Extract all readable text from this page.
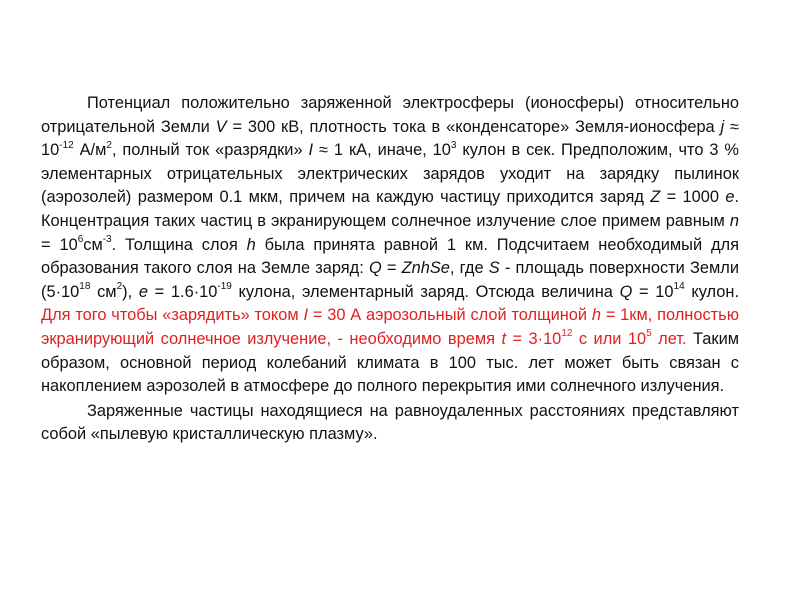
Потенциал положительно заряженной электросферы (ионосферы) относительно отрицательной Земли V = 300 кВ, плотность тока в «конденсаторе» Земля-ионосфера $j \approx 10^{-12}$ $А/м^2$, полный ток «разрядки» I ≈ 1 кА, иначе, $10^3$ кулон в сек. Предположим, что 3 % элементарных отрицательных электрических зарядов уходит на зарядку пылинок (аэрозолей) размером 0.1 мкм, причем на каждую частицу приходится заряд Z = 1000 e. Концентрация таких частиц в экранирующем солнечное излучение слое примем равным $n = 10^6см^{-3}$. Толщина слоя h была принята равной 1 км. Подсчитаем необходимый для образования такого слоя на Земле заряд: Q = ZnhSe, где S - площадь поверхности Земли ($5\cdot 10^{18}$ $см^2$), $e = 1.6\cdot 10^{-19}$ кулона, элементарный заряд. Отсюда величина $Q = 10^{14}$ кулон. Для того чтобы «зарядить» током I = 30 А аэрозольный слой толщиной h = 1км, полностью экранирующий солнечное излучение, - необходимо время $t = 3\cdot 10^{12}$ с или $10^5$ лет. Таким образом, основной период колебаний климата в 100 тыс. лет может быть связан с накоплением аэрозолей в атмосфере до полного перекрытия ими солнечного излучения.

Заряженные частицы находящиеся на равноудаленных расстояниях представляют собой «пылевую кристаллическую плазму».
